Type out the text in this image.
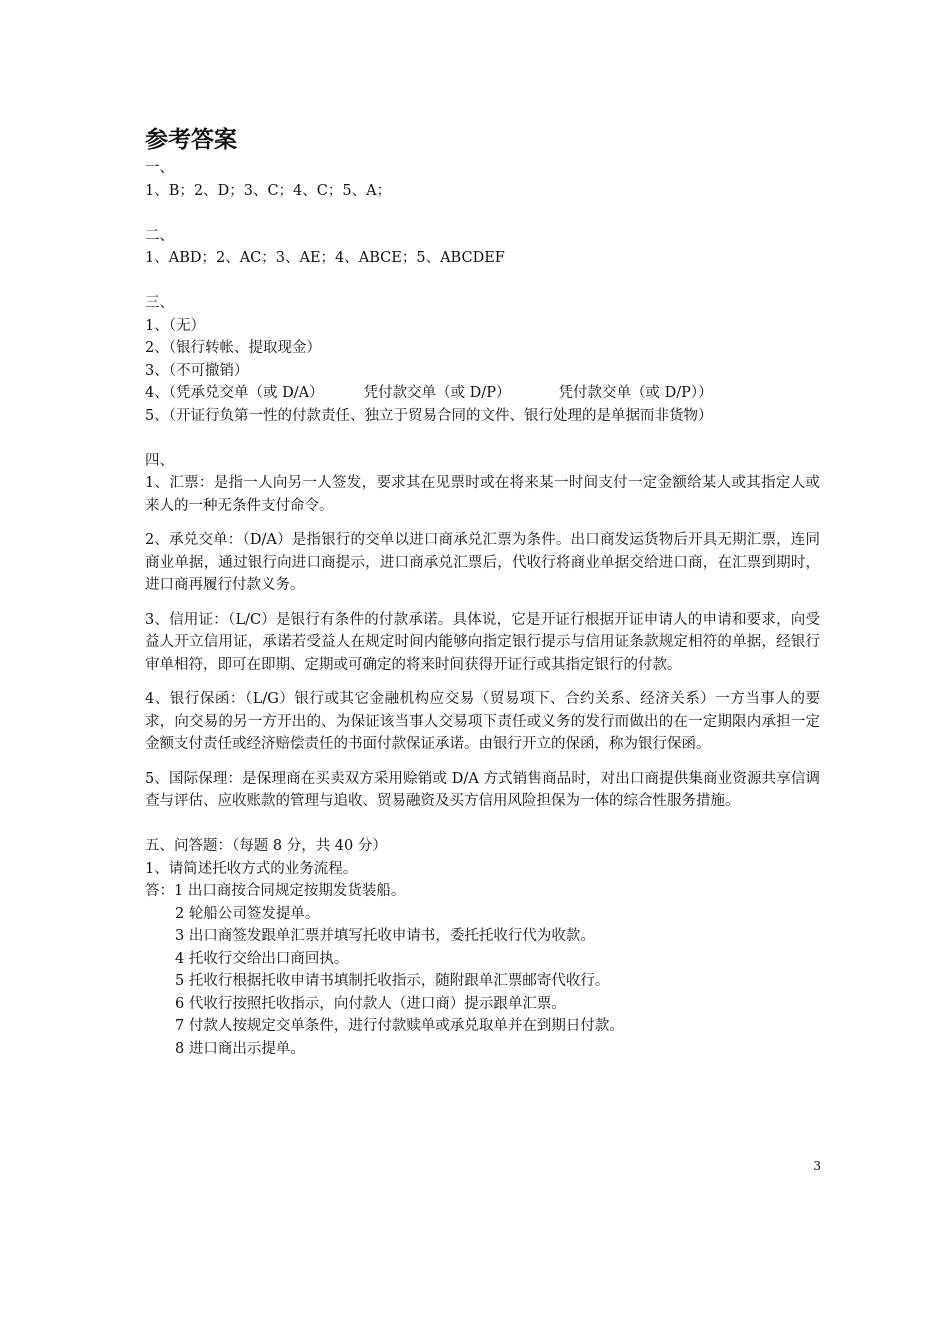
参考答案
一、
1、B；2、D；3、C；4、C；5、A；
二、
1、ABD；2、AC；3、AE；4、ABCE；5、ABCDEF
三、
1、（无）
2、（银行转帐、提取现金）
3、（不可撤销）
4、（凭承兑交单（或 D/A）	凭付款交单（或 D/P）	凭付款交单（或 D/P））
5、（开证行负第一性的付款责任、独立于贸易合同的文件、银行处理的是单据而非货物）
四、
1、汇票：是指一人向另一人签发，要求其在见票时或在将来某一时间支付一定金额给某人或其指定人或来人的一种无条件支付命令。
2、承兑交单：（D/A）是指银行的交单以进口商承兑汇票为条件。出口商发运货物后开具无期汇票，连同商业单据，通过银行向进口商提示，进口商承兑汇票后，代收行将商业单据交给进口商，在汇票到期时，进口商再履行付款义务。
3、信用证：（L/C）是银行有条件的付款承诺。具体说，它是开证行根据开证申请人的申请和要求，向受益人开立信用证，承诺若受益人在规定时间内能够向指定银行提示与信用证条款规定相符的单据，经银行审单相符，即可在即期、定期或可确定的将来时间获得开证行或其指定银行的付款。
4、银行保函：（L/G）银行或其它金融机构应交易（贸易项下、合约关系、经济关系）一方当事人的要求，向交易的另一方开出的、为保证该当事人交易项下责任或义务的发行而做出的在一定期限内承担一定金额支付责任或经济赔偿责任的书面付款保证承诺。由银行开立的保函，称为银行保函。
5、国际保理：是保理商在买卖双方采用赊销或 D/A 方式销售商品时，对出口商提供集商业资源共享信调查与评估、应收账款的管理与追收、贸易融资及买方信用风险担保为一体的综合性服务措施。
五、问答题：（每题 8 分，共 40 分）
1、请简述托收方式的业务流程。
答：1 出口商按合同规定按期发货装船。
2 轮船公司签发提单。
3 出口商签发跟单汇票并填写托收申请书，委托托收行代为收款。
4 托收行交给出口商回执。
5 托收行根据托收申请书填制托收指示，随附跟单汇票邮寄代收行。
6 代收行按照托收指示，向付款人（进口商）提示跟单汇票。
7 付款人按规定交单条件，进行付款赎单或承兑取单并在到期日付款。
8 进口商出示提单。
3
